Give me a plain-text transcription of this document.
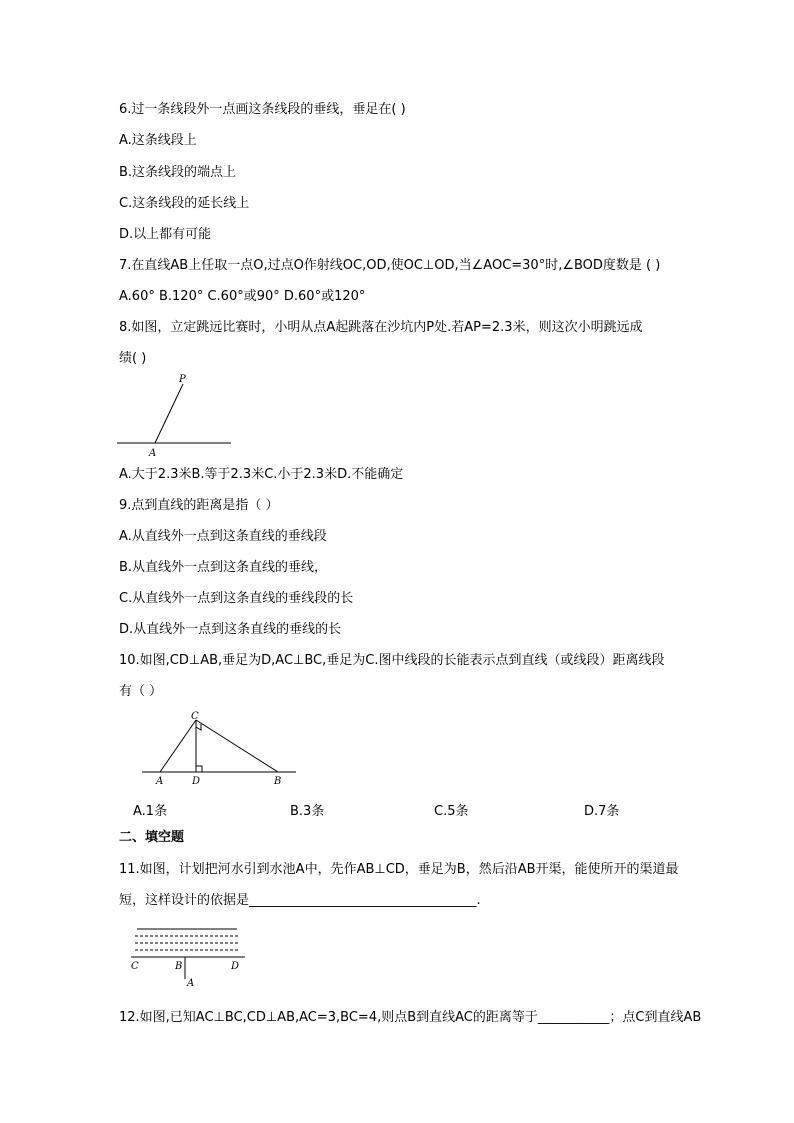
6.过一条线段外一点画这条线段的垂线，垂足在( )
A.这条线段上
B.这条线段的端点上
C.这条线段的延长线上
D.以上都有可能
7.在直线AB上任取一点O,过点O作射线OC,OD,使OC⊥OD,当∠AOC=30°时,∠BOD度数是 ( )
A.60° B.120° C.60°或90° D.60°或120°
8.如图，立定跳远比赛时，小明从点A起跳落在沙坑内P处.若AP=2.3米，则这次小明跳远成
绩( )
P
A
A.大于2.3米B.等于2.3米C.小于2.3米D.不能确定
9.点到直线的距离是指（ ）
A.从直线外一点到这条直线的垂线段
B.从直线外一点到这条直线的垂线，
C.从直线外一点到这条直线的垂线段的长
D.从直线外一点到这条直线的垂线的长
10.如图,CD⊥AB,垂足为D,AC⊥BC,垂足为C.图中线段的长能表示点到直线（或线段）距离线段
有（ ）
C
A	D	B
A.1条	B.3条	C.5条	D.7条
二、填空题
11.如图，计划把河水引到水池A中，先作AB⊥CD，垂足为B，然后沿AB开渠，能使所开的渠道最
短，这样设计的依据是___________________________________.
C	B	D
A
12.如图,已知AC⊥BC,CD⊥AB,AC=3,BC=4,则点B到直线AC的距离等于___________；点C到直线AB
